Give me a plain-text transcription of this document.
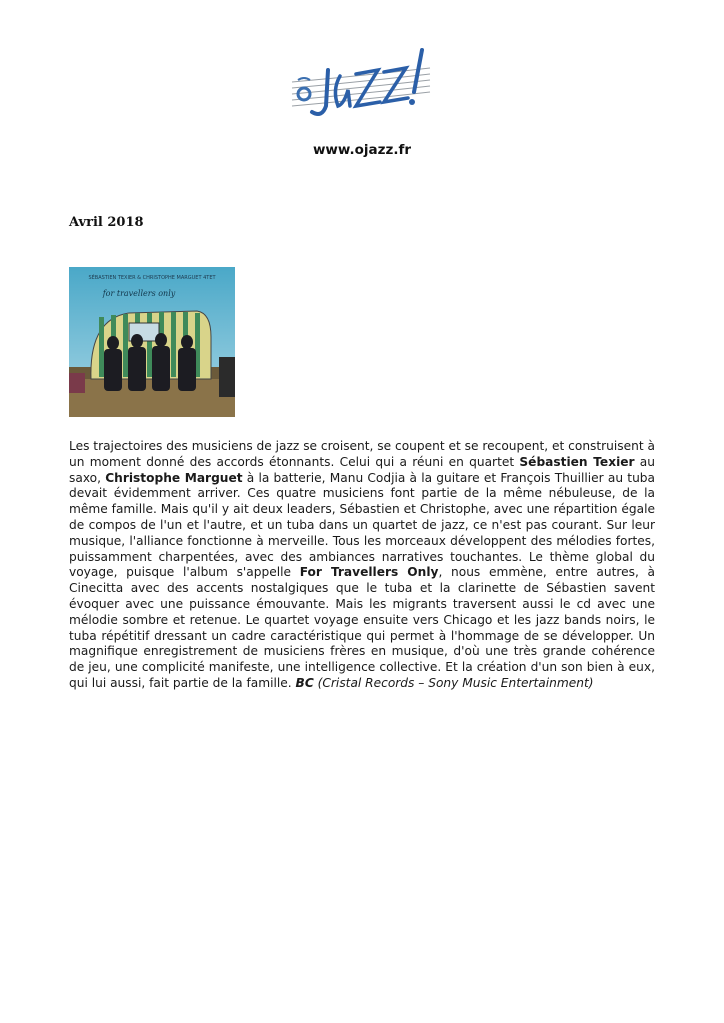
www.ojazz.fr
Avril 2018
SÉBASTIEN TEXIER & CHRISTOPHE MARGUET 4TET
for travellers only

Les trajectoires des musiciens de jazz se croisent, se coupent et se recoupent, et construisent à un moment donné des accords étonnants. Celui qui a réuni en quartet Sébastien Texier au saxo, Christophe Marguet à la batterie, Manu Codjia à la guitare et François Thuillier au tuba devait évidemment arriver. Ces quatre musiciens font partie de la même nébuleuse, de la même famille. Mais qu'il y ait deux leaders, Sébastien et Christophe, avec une répartition égale de compos de l'un et l'autre, et un tuba dans un quartet de jazz, ce n'est pas courant. Sur leur musique, l'alliance fonctionne à merveille. Tous les morceaux développent des mélodies fortes, puissamment charpentées, avec des ambiances narratives touchantes. Le thème global du voyage, puisque l'album s'appelle For Travellers Only, nous emmène, entre autres, à Cinecitta avec des accents nostalgiques que le tuba et la clarinette de Sébastien savent évoquer avec une puissance émouvante. Mais les migrants traversent aussi le cd avec une mélodie sombre et retenue. Le quartet voyage ensuite vers Chicago et les jazz bands noirs, le tuba répétitif dressant un cadre caractéristique qui permet à l'hommage de se développer. Un magnifique enregistrement de musiciens frères en musique, d'où une très grande cohérence de jeu, une complicité manifeste, une intelligence collective. Et la création d'un son bien à eux, qui lui aussi, fait partie de la famille. BC (Cristal Records – Sony Music Entertainment)
